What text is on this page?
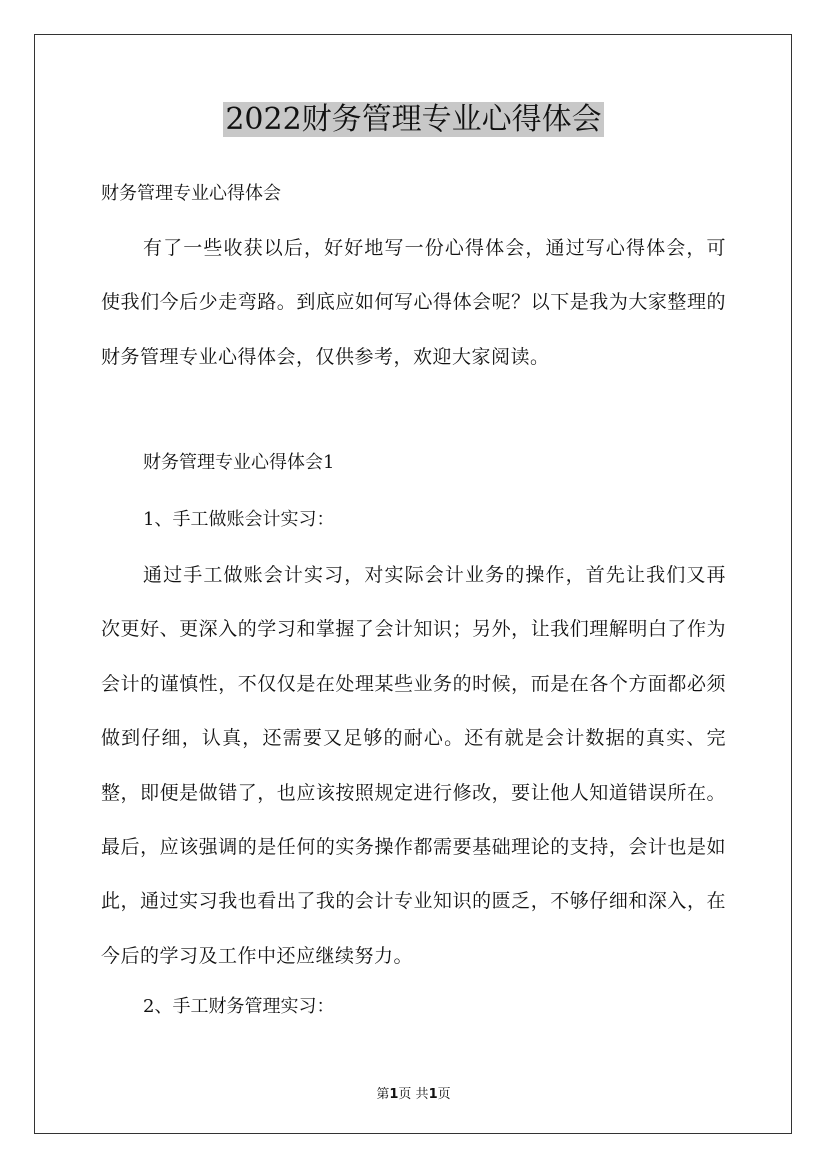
2022财务管理专业心得体会
财务管理专业心得体会
有了一些收获以后，好好地写一份心得体会，通过写心得体会，可使我们今后少走弯路。到底应如何写心得体会呢？以下是我为大家整理的财务管理专业心得体会，仅供参考，欢迎大家阅读。
财务管理专业心得体会1
1、手工做账会计实习：
通过手工做账会计实习，对实际会计业务的操作，首先让我们又再次更好、更深入的学习和掌握了会计知识；另外，让我们理解明白了作为会计的谨慎性，不仅仅是在处理某些业务的时候，而是在各个方面都必须做到仔细，认真，还需要又足够的耐心。还有就是会计数据的真实、完整，即便是做错了，也应该按照规定进行修改，要让他人知道错误所在。最后，应该强调的是任何的实务操作都需要基础理论的支持，会计也是如此，通过实习我也看出了我的会计专业知识的匮乏，不够仔细和深入，在今后的学习及工作中还应继续努力。
2、手工财务管理实习：
第1页 共1页
